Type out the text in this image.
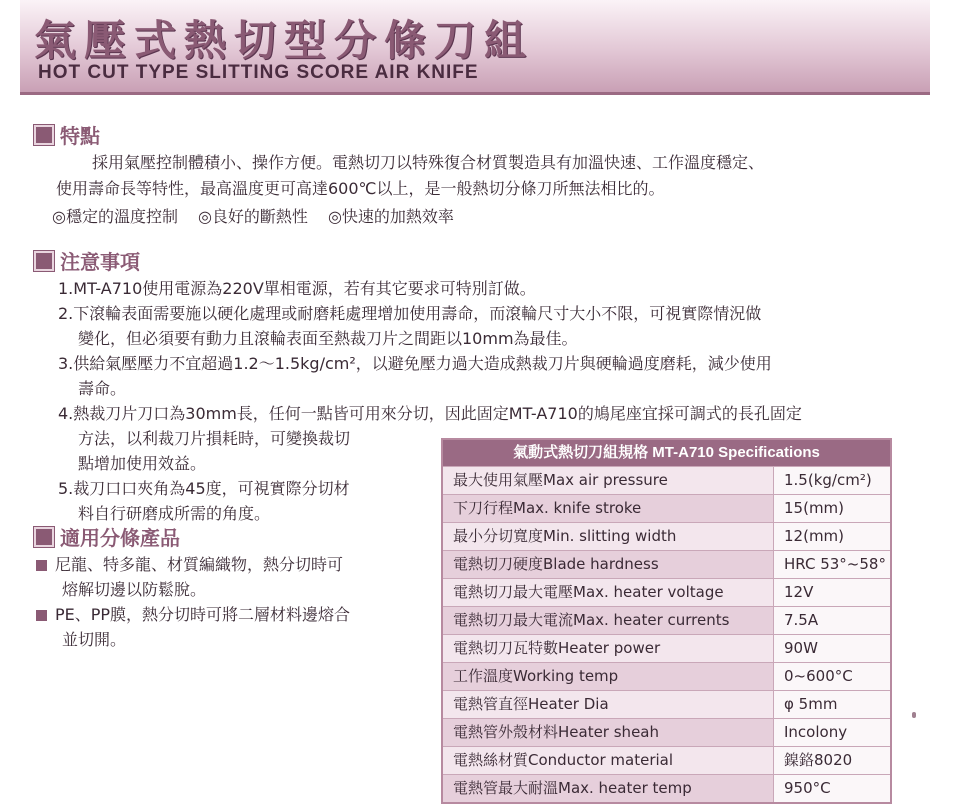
氣壓式熱切型分條刀組
HOT CUT TYPE SLITTING SCORE AIR KNIFE
特點
採用氣壓控制體積小、操作方便。電熱切刀以特殊復合材質製造具有加溫快速、工作溫度穩定、
使用壽命長等特性，最高溫度更可高達600℃以上，是一般熱切分條刀所無法相比的。
◎穩定的溫度控制 ◎良好的斷熱性 ◎快速的加熱效率
注意事項
1.MT-A710使用電源為220V單相電源，若有其它要求可特別訂做。
2.下滾輪表面需要施以硬化處理或耐磨耗處理增加使用壽命，而滾輪尺寸大小不限，可視實際情況做
變化，但必須要有動力且滾輪表面至熱裁刀片之間距以10mm為最佳。
3.供給氣壓壓力不宜超過1.2～1.5kg/cm²，以避免壓力過大造成熱裁刀片與硬輪過度磨耗，減少使用
壽命。
4.熱裁刀片刀口為30mm長，任何一點皆可用來分切，因此固定MT-A710的鳩尾座宜採可調式的長孔固定
方法，以利裁刀片損耗時，可變換裁切
點增加使用效益。
5.裁刀口口夾角為45度，可視實際分切材
料自行研磨成所需的角度。
適用分條產品
尼龍、特多龍、材質編織物，熱分切時可
熔解切邊以防鬆脫。
PE、PP膜，熱分切時可將二層材料邊熔合
並切開。
氣動式熱切刀組規格 MT-A710 Specifications
最大使用氣壓Max air pressure	1.5(kg/cm²)
下刀行程Max. knife stroke	15(mm)
最小分切寬度Min. slitting width	12(mm)
電熱切刀硬度Blade hardness	HRC 53°~58°
電熱切刀最大電壓Max. heater voltage	12V
電熱切刀最大電流Max. heater currents	7.5A
電熱切刀瓦特數Heater power	90W
工作溫度Working temp	0~600°C
電熱管直徑Heater Dia	φ 5mm
電熱管外殼材料Heater sheah	Incolony
電熱絲材質Conductor material	鎳鉻8020
電熱管最大耐溫Max. heater temp	950°C
